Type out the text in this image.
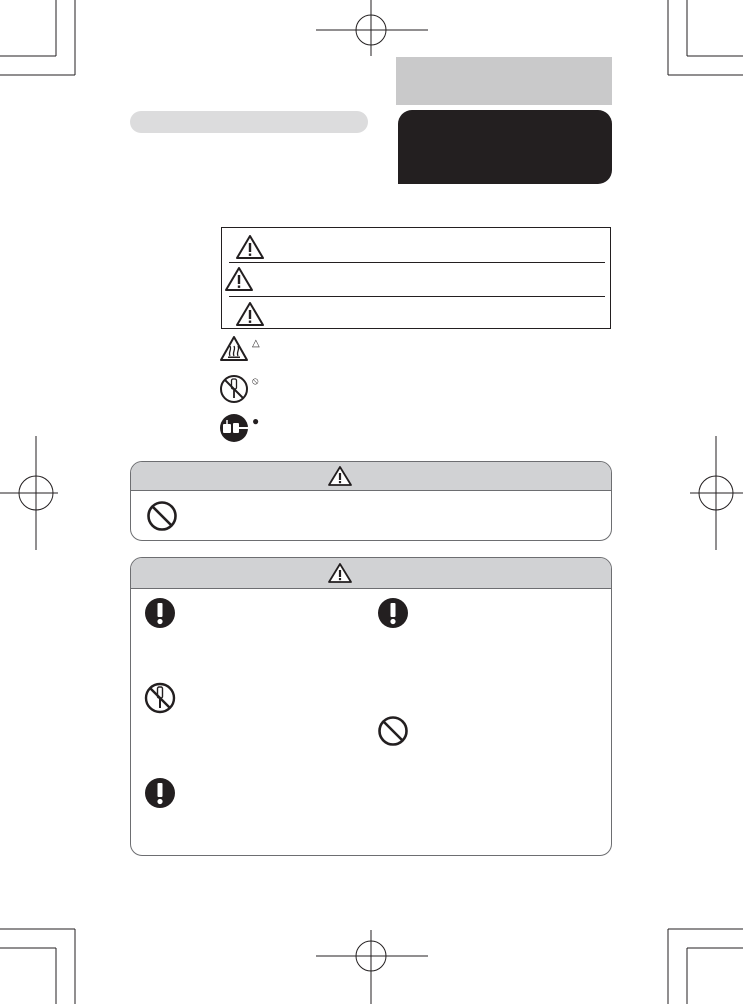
△
⦸
●
